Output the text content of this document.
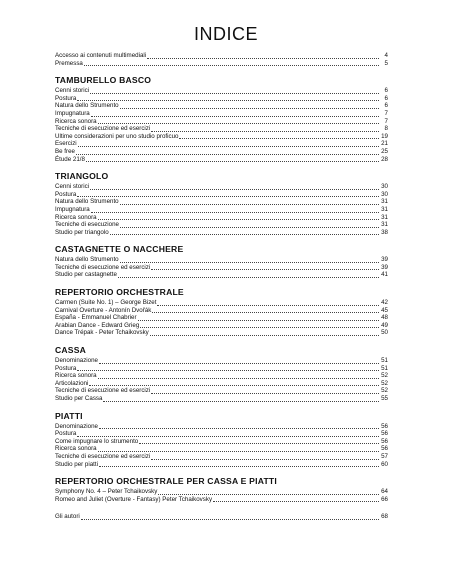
INDICE
Accesso ai contenuti multimediali	4
Premessa	5
TAMBURELLO BASCO
Cenni storici	6
Postura	6
Natura dello Strumento	6
Impugnatura	7
Ricerca sonora	7
Tecniche di esecuzione ed esercizi	8
Ultime considerazioni per uno studio proficuo	19
Esercizi	21
Be free	25
Étude 21/8	28
TRIANGOLO
Cenni storici	30
Postura	30
Natura dello Strumento	31
Impugnatura	31
Ricerca sonora	31
Tecniche di esecuzione	31
Studio per triangolo	38
CASTAGNETTE O NACCHERE
Natura dello Strumento	39
Tecniche di esecuzione ed esercizi	39
Studio per castagnette	41
REPERTORIO ORCHESTRALE
Carmen (Suite No. 1) – George Bizet	42
Carnival Overture - Antonín Dvořák	45
España - Emmanuel Chabrier	48
Arabian Dance - Edward Grieg	49
Dance Trépak - Peter Tchaikovsky	50
CASSA
Denominazione	51
Postura	51
Ricerca sonora	52
Articolazioni	52
Tecniche di esecuzione ed esercizi	52
Studio per Cassa	55
PIATTI
Denominazione	56
Postura	56
Come impugnare lo strumento	56
Ricerca sonora	56
Tecniche di esecuzione ed esercizi	57
Studio per piatti	60
REPERTORIO ORCHESTRALE PER CASSA E PIATTI
Symphony No. 4 – Peter Tchaikovsky	64
Romeo and Juliet (Overture - Fantasy) Peter Tchaikovsky	66
Gli autori	68
